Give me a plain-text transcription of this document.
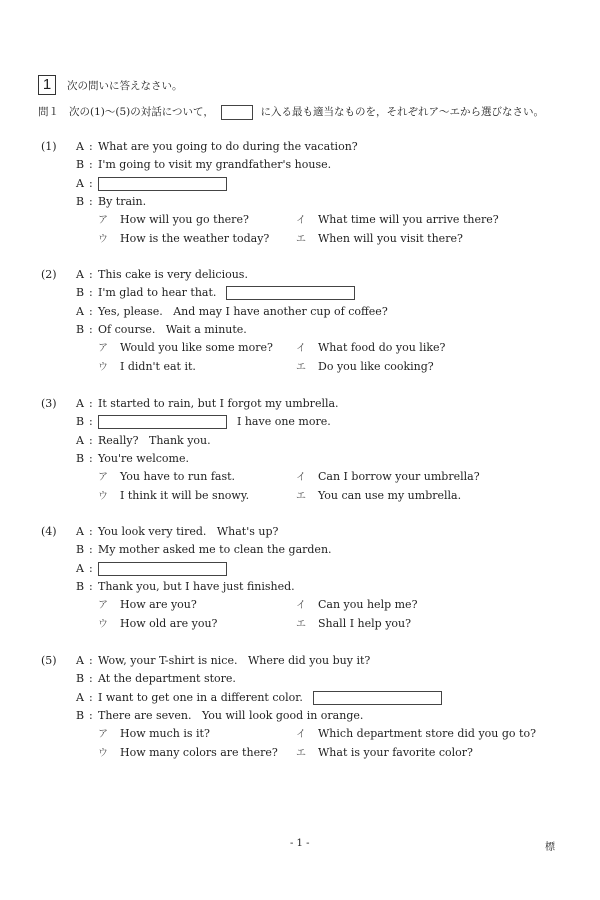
1	次の問いに答えなさい。
問１ 次の(1)〜(5)の対話について，	に入る最も適当なものを，それぞれア〜エから選びなさい。
(1) A : What are you going to do during the vacation?
B : I'm going to visit my grandfather's house.
A :
B : By train.
ア How will you go there?	イ What time will you arrive there?
ウ How is the weather today?	エ When will you visit there?
(2) A : This cake is very delicious.
B : I'm glad to hear that.
A : Yes, please.   And may I have another cup of coffee?
B : Of course.   Wait a minute.
ア Would you like some more? イ What food do you like?
ウ I didn't eat it.	エ Do you like cooking?
(3) A : It started to rain, but I forgot my umbrella.
B :	I have one more.
A : Really?   Thank you.
B : You're welcome.
ア You have to run fast.	イ Can I borrow your umbrella?
ウ I think it will be snowy.	エ You can use my umbrella.
(4) A : You look very tired.   What's up?
B : My mother asked me to clean the garden.
A :
B : Thank you, but I have just finished.
ア How are you?	イ Can you help me?
ウ How old are you?	エ Shall I help you?
(5) A : Wow, your T-shirt is nice.   Where did you buy it?
B : At the department store.
A : I want to get one in a different color.
B : There are seven.   You will look good in orange.
ア How much is it?	イ Which department store did you go to?
ウ How many colors are there? エ What is your favorite color?
- 1 -	標
